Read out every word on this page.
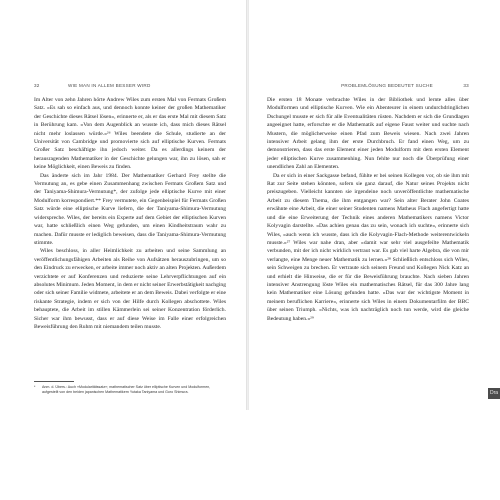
32	WIE MAN IN ALLEM BESSER WIRD

Im Alter von zehn Jahren hörte Andrew Wiles zum ersten Mal von Fermats Großem Satz. »Es sah so einfach aus, und dennoch konnte keiner der großen Mathematiker der Geschichte dieses Rätsel lösen«, erinnerte er, als er das erste Mal mit diesem Satz in Berührung kam. »Von dem Augenblick an wusste ich, dass mich dieses Rätsel nicht mehr loslassen würde.«²⁶ Wiles beendete die Schule, studierte an der Universität von Cambridge und promovierte sich auf elliptische Kurven. Fermats Großer Satz beschäftigte ihn jedoch weiter. Da es allerdings keinem der herausragenden Mathematiker in der Geschichte gelungen war, ihn zu lösen, sah er keine Möglichkeit, einen Beweis zu finden.

Das änderte sich im Jahr 1984. Der Mathematiker Gerhard Frey stellte die Vermutung an, es gebe einen Zusammenhang zwischen Fermats Großem Satz und der Taniyama-Shimura-Vermutung*, der zufolge jede elliptische Kurve mit einer Modulform korrespondiert.** Frey vermutete, ein Gegenbeispiel für Fermats Großen Satz würde eine elliptische Kurve liefern, die der Taniyama-Shimura-Vermutung widerspreche. Wiles, der bereits ein Experte auf dem Gebiet der elliptischen Kurven war, hatte schließlich einen Weg gefunden, um einen Kindheitstraum wahr zu machen. Dafür musste er lediglich beweisen, dass die Taniyama-Shimura-Vermutung stimmte.

Wiles beschloss, in aller Heimlichkeit zu arbeiten und seine Sammlung an veröffentlichungsfähigen Arbeiten als Reihe von Aufsätzen herauszubringen, um so den Eindruck zu erwecken, er arbeite immer noch aktiv an alten Projekten. Außerdem verzichtete er auf Konferenzen und reduzierte seine Lehrverpflichtungen auf ein absolutes Minimum. Jeden Moment, in dem er nicht seiner Erwerbstätigkeit nachging oder sich seiner Familie widmete, arbeitete er an dem Beweis. Dabei verfolgte er eine riskante Strategie, indem er sich von der Hilfe durch Kollegen abschottete. Wiles behauptete, die Arbeit im stillen Kämmerlein sei seiner Konzentration förderlich. Sicher war ihm bewusst, dass er auf diese Weise im Falle einer erfolgreichen Beweisführung den Ruhm mit niemandem teilen musste.

* Anm. d. Übers.: Auch »Modularitätssatz«; mathematischer Satz über elliptische Kurven und Modulformen, aufgestellt von den beiden japanischen Mathematikern Yutaka Taniyama und Goro Shimura.
PROBLEMLÖSUNG BEDEUTET SUCHE	33

Die ersten 18 Monate verbrachte Wiles in der Bibliothek und lernte alles über Modulformen und elliptische Kurven. Wie ein Abenteurer in einem undurchdringlichen Dschungel musste er sich für alle Eventualitäten rüsten. Nachdem er sich die Grundlagen angeeignet hatte, erforschte er die Mathematik auf eigene Faust weiter und suchte nach Mustern, die möglicherweise einen Pfad zum Beweis wiesen. Nach zwei Jahren intensiver Arbeit gelang ihm der erste Durchbruch. Er fand einen Weg, um zu demonstrieren, dass das erste Element einer jeden Modulform mit dem ersten Element jeder elliptischen Kurve zusammenhing. Nun fehlte nur noch die Überprüfung einer unendlichen Zahl an Elementen.

Da er sich in einer Sackgasse befand, fühlte er bei seinen Kollegen vor, ob sie ihm mit Rat zur Seite stehen könnten, sofern sie ganz darauf, die Natur seines Projekts nicht preiszugeben. Vielleicht kannten sie irgendeine noch unveröffentlichte mathematische Arbeit zu diesem Thema, die ihm entgangen war? Sein alter Berater John Coates erwähnte eine Arbeit, die einer seiner Studenten namens Matheus Flach angefertigt hatte und die eine Erweiterung der Technik eines anderen Mathematikers namens Victor Kolyvagin darstellte. »Das achien genau das zu sein, wonach ich suchte«, erinnerte sich Wiles, »auch wenn ich wusste, dass ich die Kolyvagin-Flach-Methode weiterentwickeln musste.«²⁷ Wiles war nahe dran, aber »damit war sehr viel ausgefeilte Mathematik verbunden, mit der ich nicht wirklich vertraut war. Es gab viel harte Algebra, die von mir verlangte, eine Menge neuer Mathematik zu lernen.«²⁸ Schließlich entschloss sich Wiles, sein Schweigen zu brechen. Er vertraute sich seinem Freund und Kollegen Nick Katz an und erhielt die Hinweise, die er für die Beweisführung brauchte. Nach sieben Jahren intensiver Anstrengung löste Wiles ein mathematisches Rätsel, für das 300 Jahre lang kein Mathematiker eine Lösung gefunden hatte. »Das war der wichtigste Moment in meinem beruflichen Karriere«, erinnerte sich Wiles in einem Dokumentarfilm der BBC über seinen Triumph. »Nichts, was ich nachträglich noch tun werde, wird die gleiche Bedeutung haben.«²⁹

Dra
